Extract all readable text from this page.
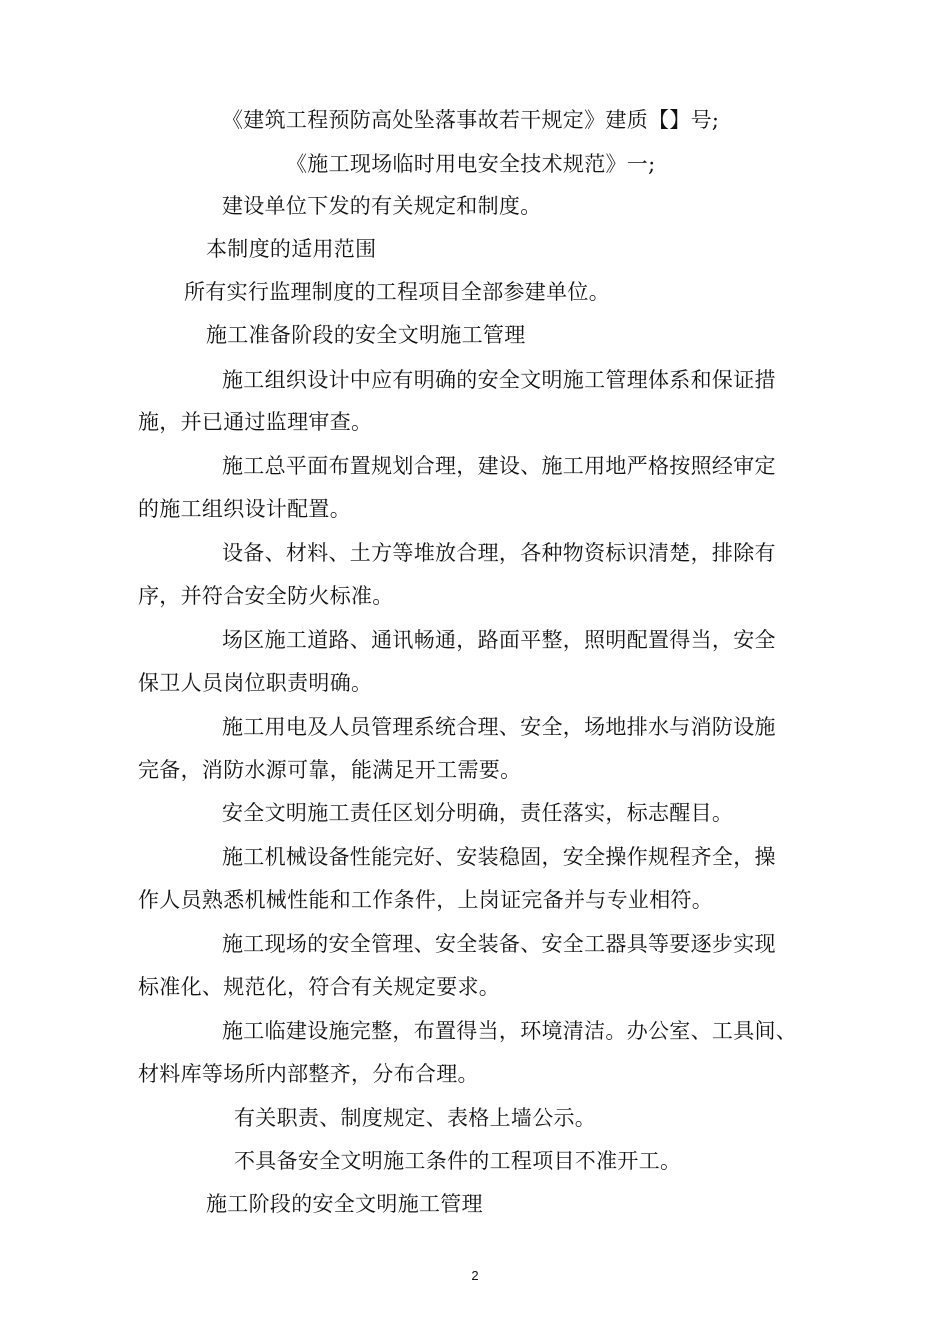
《建筑工程预防高处坠落事故若干规定》建质【】号;
《施工现场临时用电安全技术规范》一;
建设单位下发的有关规定和制度。
本制度的适用范围
所有实行监理制度的工程项目全部参建单位。
施工准备阶段的安全文明施工管理
施工组织设计中应有明确的安全文明施工管理体系和保证措
施，并已通过监理审查。
施工总平面布置规划合理，建设、施工用地严格按照经审定
的施工组织设计配置。
设备、材料、土方等堆放合理，各种物资标识清楚，排除有
序，并符合安全防火标准。
场区施工道路、通讯畅通，路面平整，照明配置得当，安全
保卫人员岗位职责明确。
施工用电及人员管理系统合理、安全，场地排水与消防设施
完备，消防水源可靠，能满足开工需要。
安全文明施工责任区划分明确，责任落实，标志醒目。
施工机械设备性能完好、安装稳固，安全操作规程齐全，操
作人员熟悉机械性能和工作条件，上岗证完备并与专业相符。
施工现场的安全管理、安全装备、安全工器具等要逐步实现
标准化、规范化，符合有关规定要求。
施工临建设施完整，布置得当，环境清洁。办公室、工具间、
材料库等场所内部整齐，分布合理。
有关职责、制度规定、表格上墙公示。
不具备安全文明施工条件的工程项目不准开工。
施工阶段的安全文明施工管理
2
